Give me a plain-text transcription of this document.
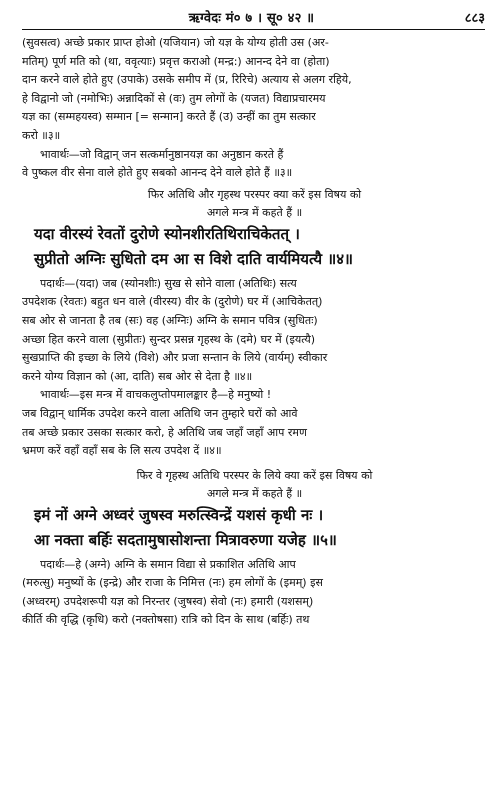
ऋग्वेदः मं० ७ । सू० ४२ ॥	८८३
(सुवसत्व) अच्छे प्रकार प्राप्त होओ (यजियान) जो यज्ञ के योग्य होती उस (अर-
मतिम्) पूर्ण मति को (था, ववृत्याः) प्रवृत्त कराओ (मन्द्र:) आनन्द देने वा (होता)
दान करने वाले होते हुए (उपाके) उसके समीप में (प्र, रिरिचे) अत्याय से अलग रहिये,
हे विद्वानो जो (नमोभिः) अन्नादिकों से (वः) तुम लोगों के (यजत) विद्याप्रचारमय
यज्ञ का (सम्महयस्व) सम्मान [= सन्मान] करते हैं (उ) उन्हीं का तुम सत्कार
करो ॥३॥
भावार्थः—जो विद्वान् जन सत्कर्मानुष्ठानयज्ञ का अनुष्ठान करते हैं
वे पुष्कल वीर सेना वाले होते हुए सबको आनन्द देने वाले होते हैं ॥३॥
फिर अतिथि और गृहस्थ परस्पर क्या करें इस विषय को
अगले मन्त्र में कहते हैं ॥
यदा वीरस्यं रेवतों दुरोणे स्योनशीरतिथिराचिकेतत् ।
सुप्रीतो अग्निः सुधितो दम आ स विशे दाति वार्यमियत्यै ॥४॥
पदार्थः—(यदा) जब (स्योनशीः) सुख से सोने वाला (अतिथिः) सत्य
उपदेशक (रेवतः) बहुत धन वाले (वीरस्य) वीर के (दुरोणे) घर में (आचिकेतत्)
सब ओर से जानता है तब (सः) वह (अग्निः) अग्नि के समान पवित्र (सुधितः)
अच्छा हित करने वाला (सुप्रीतः) सुन्दर प्रसन्न गृहस्थ के (दमे) घर में (इयत्यै)
सुखप्राप्ति की इच्छा के लिये (विशे) और प्रजा सन्तान के लिये (वार्यम्) स्वीकार
करने योग्य विज्ञान को (आ, दाति) सब ओर से देता है ॥४॥
भावार्थः—इस मन्त्र में वाचकलुप्तोपमालङ्कार है—हे मनुष्यो !
जब विद्वान् धार्मिक उपदेश करने वाला अतिथि जन तुम्हारे घरों को आवे
तब अच्छे प्रकार उसका सत्कार करो, हे अतिथि जब जहाँ जहाँ आप रमण
भ्रमण करें वहाँ वहाँ सब के लि सत्य उपदेश दें ॥४॥
फिर वे गृहस्थ अतिथि परस्पर के लिये क्या करें इस विषय को
अगले मन्त्र में कहते हैं ॥
इमं नों अग्ने अध्वरं जुषस्व मरुत्स्विन्द्रें यशसं कृधी नः ।
आ नक्ता बर्हिः सदतामुषासोशन्ता मित्रावरुणा यजेह ॥५॥
पदार्थः—हे (अग्ने) अग्नि के समान विद्या से प्रकाशित अतिथि आप
(मरुत्सु) मनुष्यों के (इन्द्रे) और राजा के निमित्त (नः) हम लोगों के (इमम्) इस
(अध्वरम्) उपदेशरूपी यज्ञ को निरन्तर (जुषस्व) सेवो (नः) हमारी (यशसम्)
कीर्ति की वृद्धि (कृधि) करो (नक्तोषसा) रात्रि को दिन के साथ (बर्हिः) तथ
